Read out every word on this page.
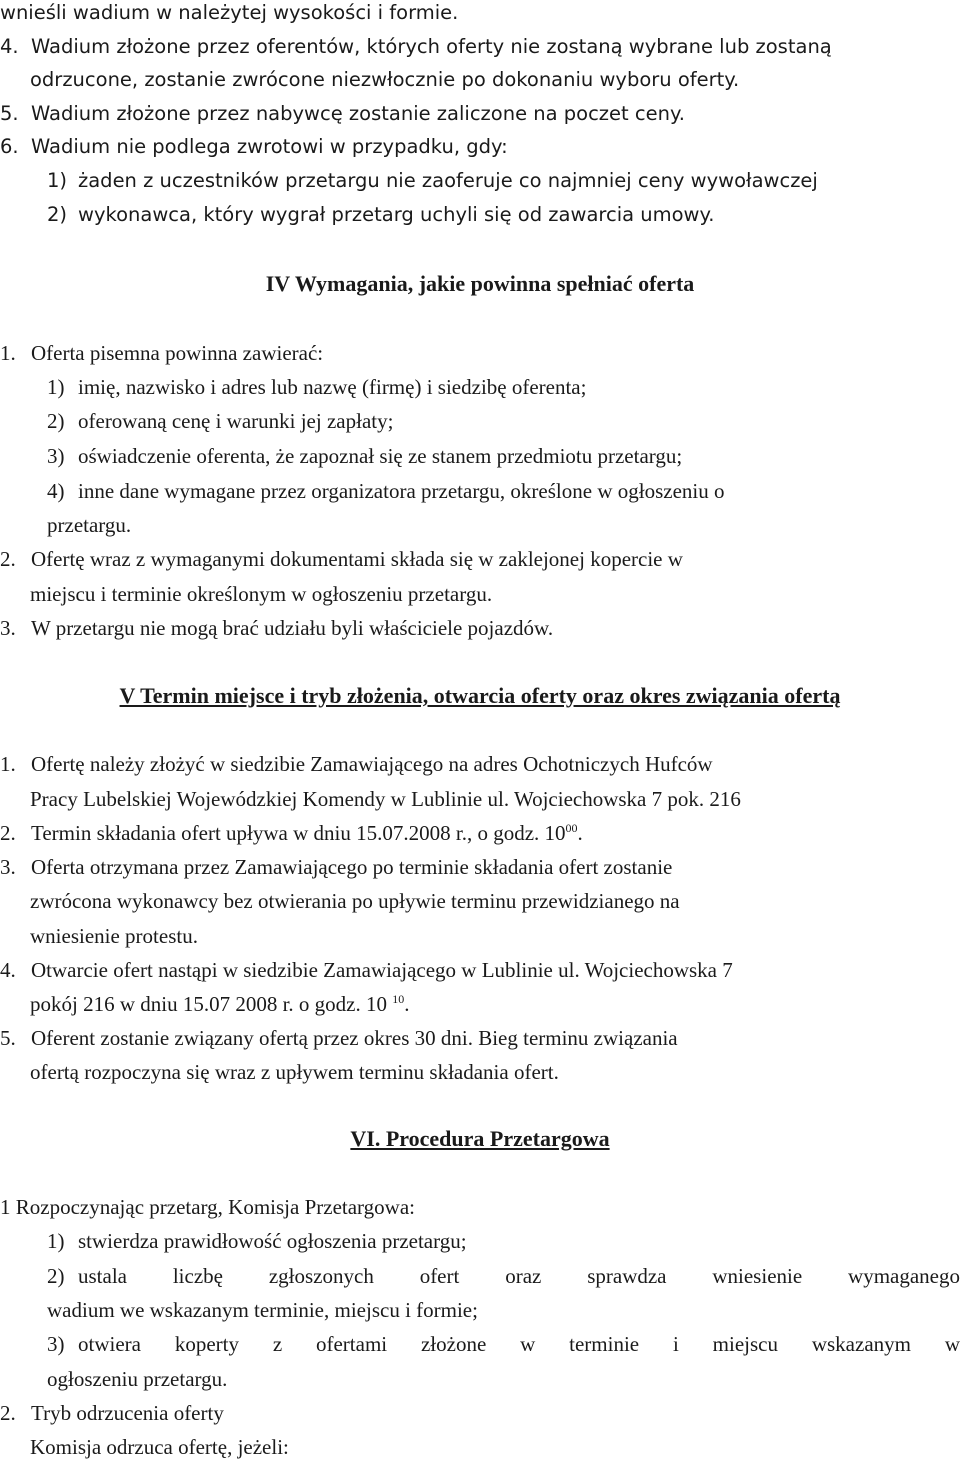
wnieśli wadium w należytej wysokości i formie.
4. Wadium złożone przez oferentów, których oferty nie zostaną wybrane lub zostaną
odrzucone, zostanie zwrócone niezwłocznie po dokonaniu wyboru oferty.
5. Wadium złożone przez nabywcę zostanie zaliczone na poczet ceny.
6. Wadium nie podlega zwrotowi w przypadku, gdy:
1) żaden z uczestników przetargu nie zaoferuje co najmniej ceny wywoławczej
2) wykonawca, który wygrał przetarg uchyli się od zawarcia umowy.
IV Wymagania, jakie powinna spełniać oferta
1. Oferta pisemna powinna zawierać:
1) imię, nazwisko i adres lub nazwę (firmę) i siedzibę oferenta;
2) oferowaną cenę i warunki jej zapłaty;
3) oświadczenie oferenta, że zapoznał się ze stanem przedmiotu przetargu;
4) inne dane wymagane przez organizatora przetargu, określone w ogłoszeniu o
przetargu.
2. Ofertę wraz z wymaganymi dokumentami składa się w zaklejonej kopercie w
miejscu i terminie określonym w ogłoszeniu przetargu.
3. W przetargu nie mogą brać udziału byli właściciele pojazdów.
V Termin miejsce i tryb złożenia, otwarcia oferty oraz okres związania ofertą
1. Ofertę należy złożyć w siedzibie Zamawiającego na adres Ochotniczych Hufców
Pracy Lubelskiej Wojewódzkiej Komendy w Lublinie ul. Wojciechowska 7 pok. 216
2. Termin składania ofert upływa w dniu 15.07.2008 r., o godz. $10^{00}$.
3. Oferta otrzymana przez Zamawiającego po terminie składania ofert zostanie
zwrócona wykonawcy bez otwierania po upływie terminu przewidzianego na
wniesienie protestu.
4. Otwarcie ofert nastąpi w siedzibie Zamawiającego w Lublinie ul. Wojciechowska 7
pokój 216 w dniu 15.07 2008 r. o godz. 10 $^{10}$.
5. Oferent zostanie związany ofertą przez okres 30 dni. Bieg terminu związania
ofertą rozpoczyna się wraz z upływem terminu składania ofert.
VI. Procedura Przetargowa
1 Rozpoczynając przetarg, Komisja Przetargowa:
1) stwierdza prawidłowość ogłoszenia przetargu;
2) ustala liczbę zgłoszonych ofert oraz sprawdza wniesienie wymaganego
wadium we wskazanym terminie, miejscu i formie;
3) otwiera koperty z ofertami złożone w terminie i miejscu wskazanym w
ogłoszeniu przetargu.
2. Tryb odrzucenia oferty
Komisja odrzuca ofertę, jeżeli:
